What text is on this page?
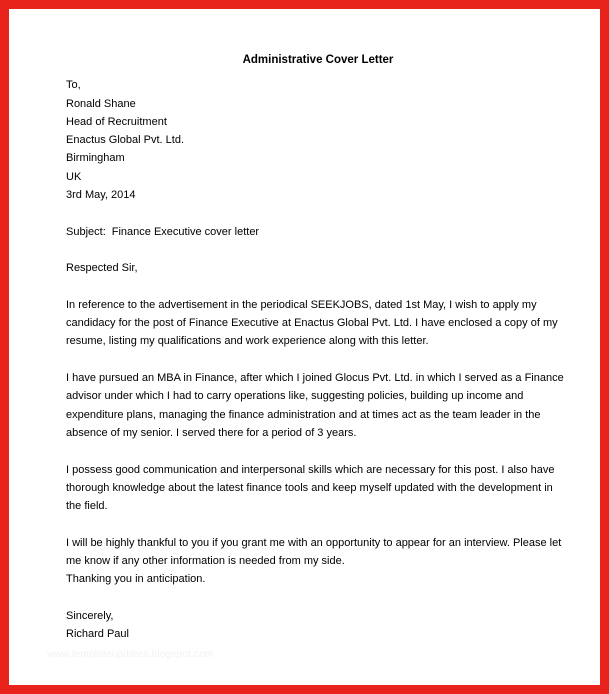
Administrative Cover Letter
To,
Ronald Shane
Head of Recruitment
Enactus Global Pvt. Ltd.
Birmingham
UK
3rd May, 2014
Subject: Finance Executive cover letter
Respected Sir,
In reference to the advertisement in the periodical SEEKJOBS, dated 1st May, I wish to apply my
candidacy for the post of Finance Executive at Enactus Global Pvt. Ltd. I have enclosed a copy of my
resume, listing my qualifications and work experience along with this letter.
I have pursued an MBA in Finance, after which I joined Glocus Pvt. Ltd. in which I served as a Finance
advisor under which I had to carry operations like, suggesting policies, building up income and
expenditure plans, managing the finance administration and at times act as the team leader in the
absence of my senior. I served there for a period of 3 years.
I possess good communication and interpersonal skills which are necessary for this post. I also have
thorough knowledge about the latest finance tools and keep myself updated with the development in
the field.
I will be highly thankful to you if you grant me with an opportunity to appear for an interview. Please let
me know if any other information is needed from my side.
Thanking you in anticipation.
Sincerely,
Richard Paul
www.templateupdates.blogspot.com
